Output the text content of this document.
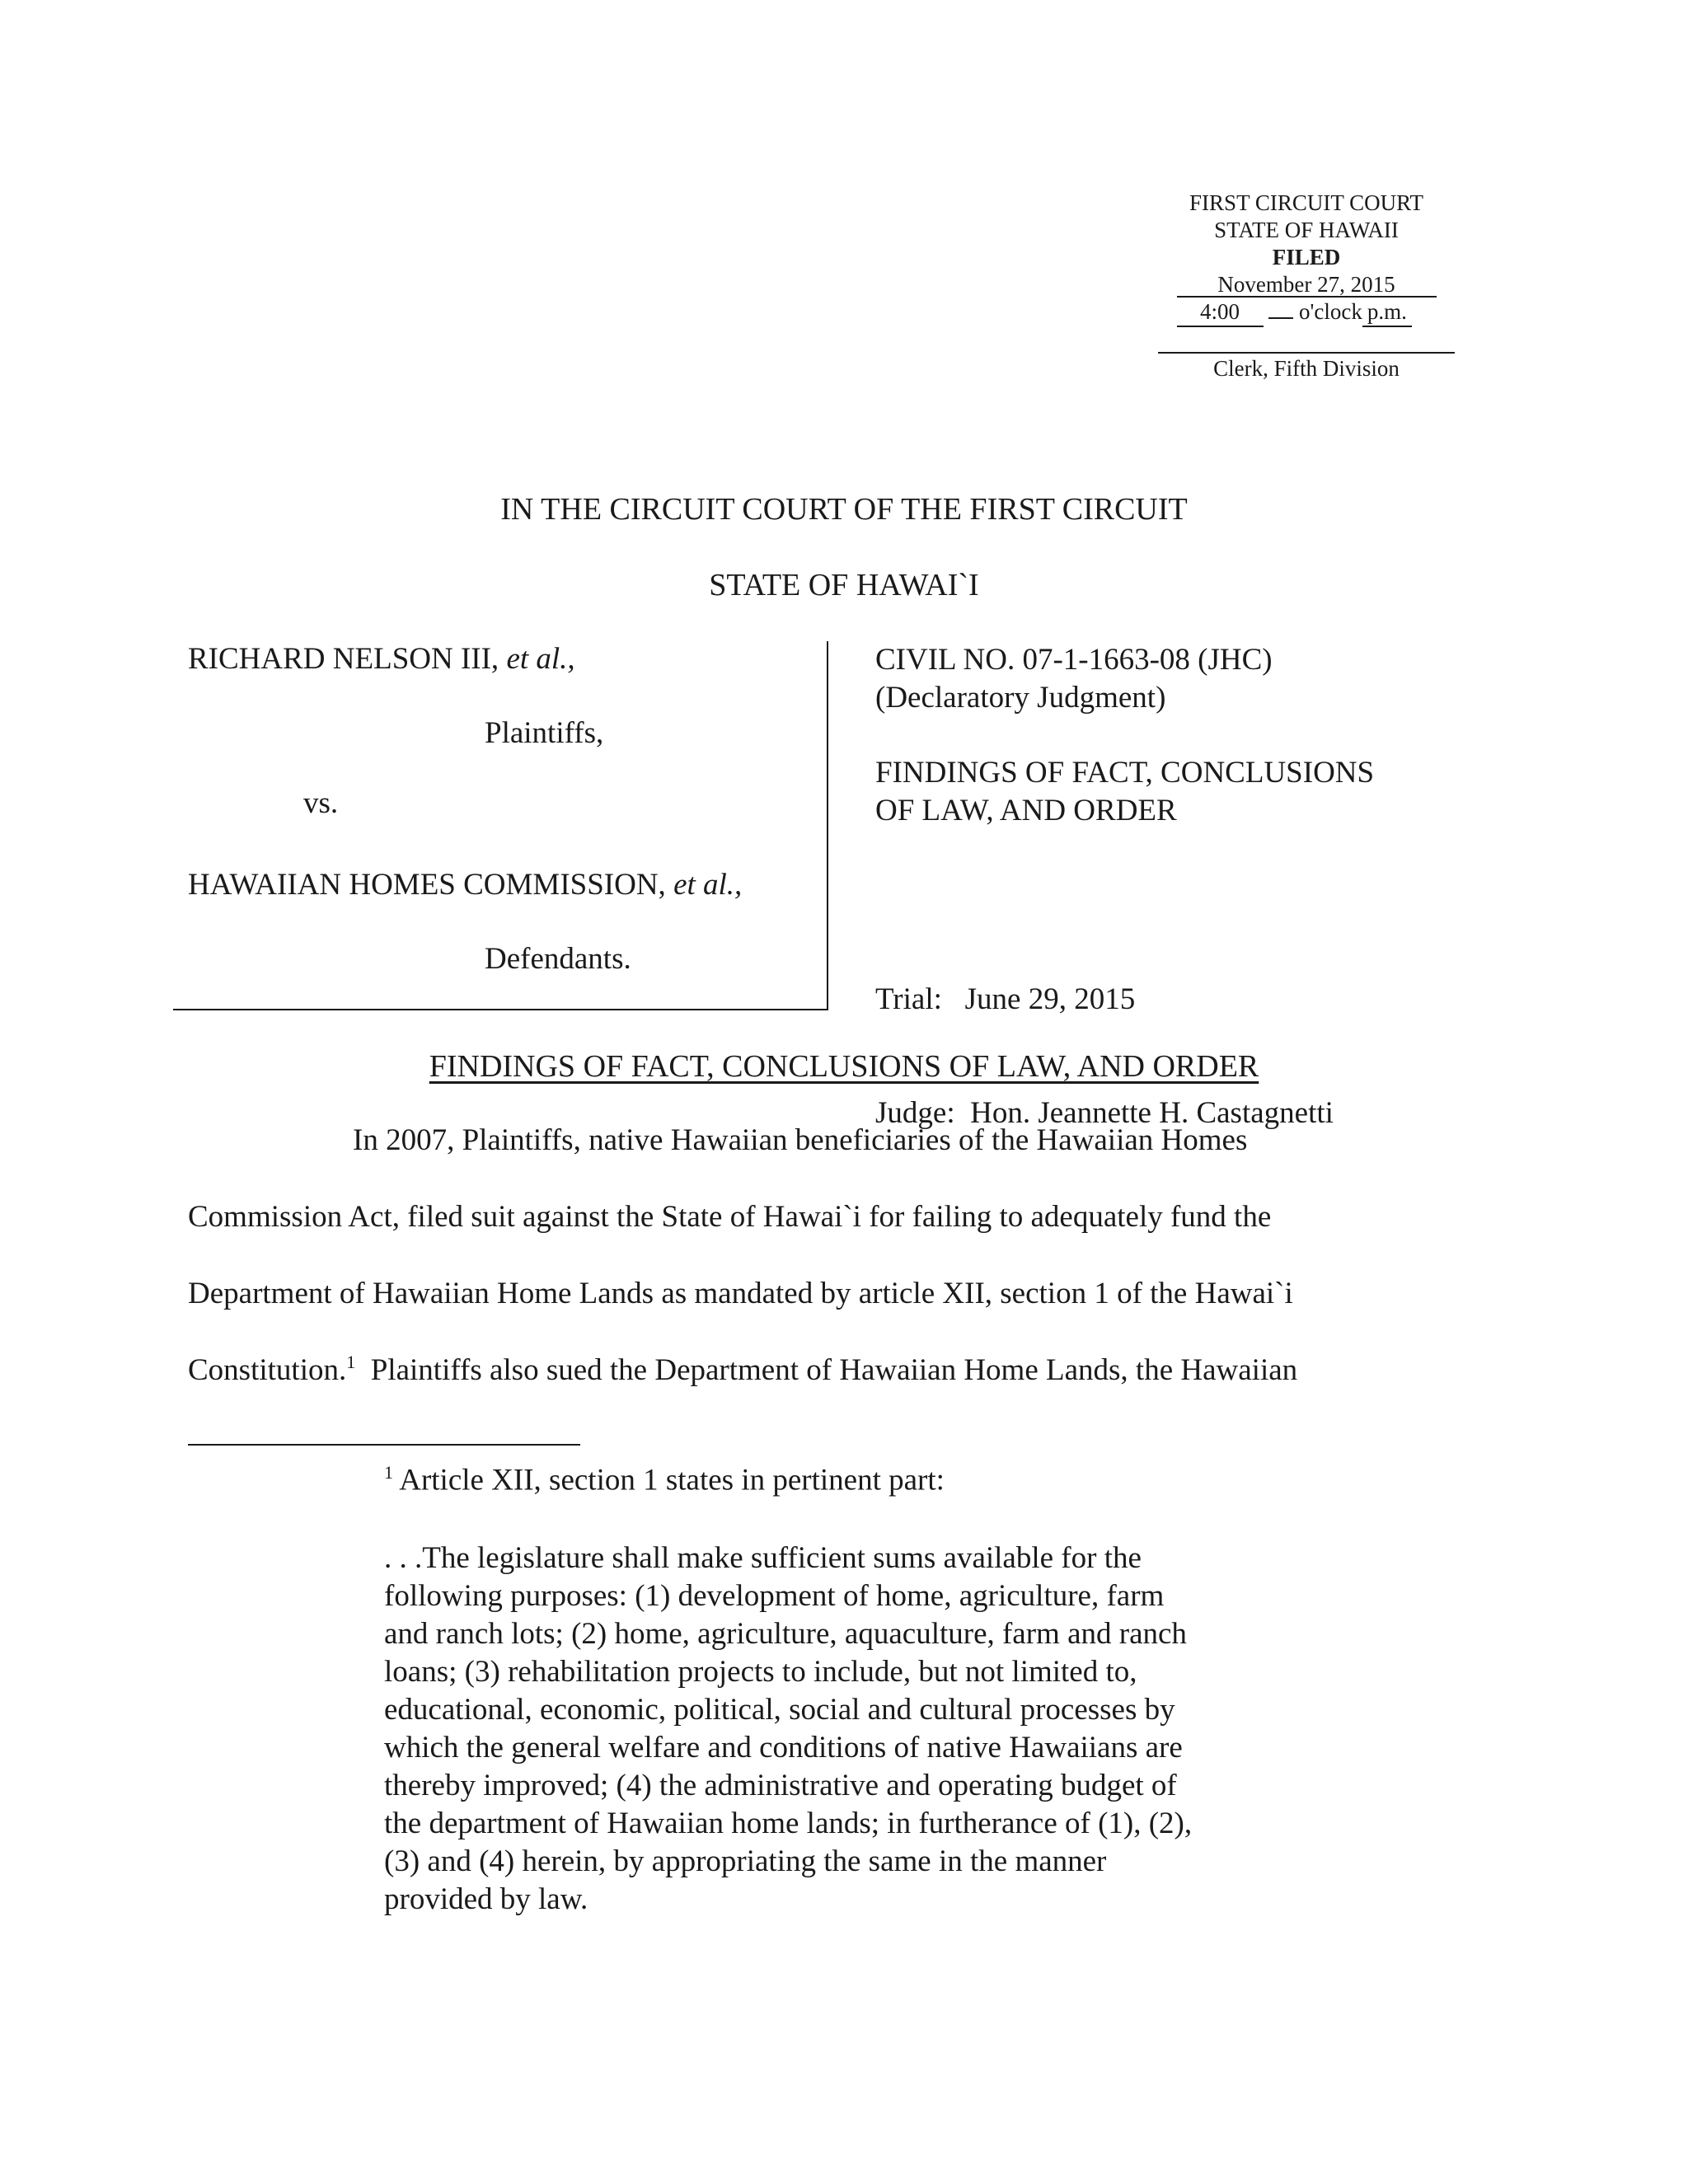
FIRST CIRCUIT COURT
STATE OF HAWAII
FILED
November 27, 2015
4:00	o'clock p.m.
Clerk, Fifth Division
IN THE CIRCUIT COURT OF THE FIRST CIRCUIT
STATE OF HAWAI`I
RICHARD NELSON III, et al.,
Plaintiffs,
vs.
HAWAIIAN HOMES COMMISSION, et al.,
Defendants.
CIVIL NO. 07-1-1663-08 (JHC)
(Declaratory Judgment)
FINDINGS OF FACT, CONCLUSIONS
OF LAW, AND ORDER

Trial:   June 29, 2015

Judge:  Hon. Jeannette H. Castagnetti

FINDINGS OF FACT, CONCLUSIONS OF LAW, AND ORDER
In 2007, Plaintiffs, native Hawaiian beneficiaries of the Hawaiian Homes
Commission Act, filed suit against the State of Hawai`i for failing to adequately fund the
Department of Hawaiian Home Lands as mandated by article XII, section 1 of the Hawai`i
Constitution.$^1$  Plaintiffs also sued the Department of Hawaiian Home Lands, the Hawaiian
$^1$ Article XII, section 1 states in pertinent part:
. . .The legislature shall make sufficient sums available for the
following purposes: (1) development of home, agriculture, farm
and ranch lots; (2) home, agriculture, aquaculture, farm and ranch
loans; (3) rehabilitation projects to include, but not limited to,
educational, economic, political, social and cultural processes by
which the general welfare and conditions of native Hawaiians are
thereby improved; (4) the administrative and operating budget of
the department of Hawaiian home lands; in furtherance of (1), (2),
(3) and (4) herein, by appropriating the same in the manner
provided by law.
